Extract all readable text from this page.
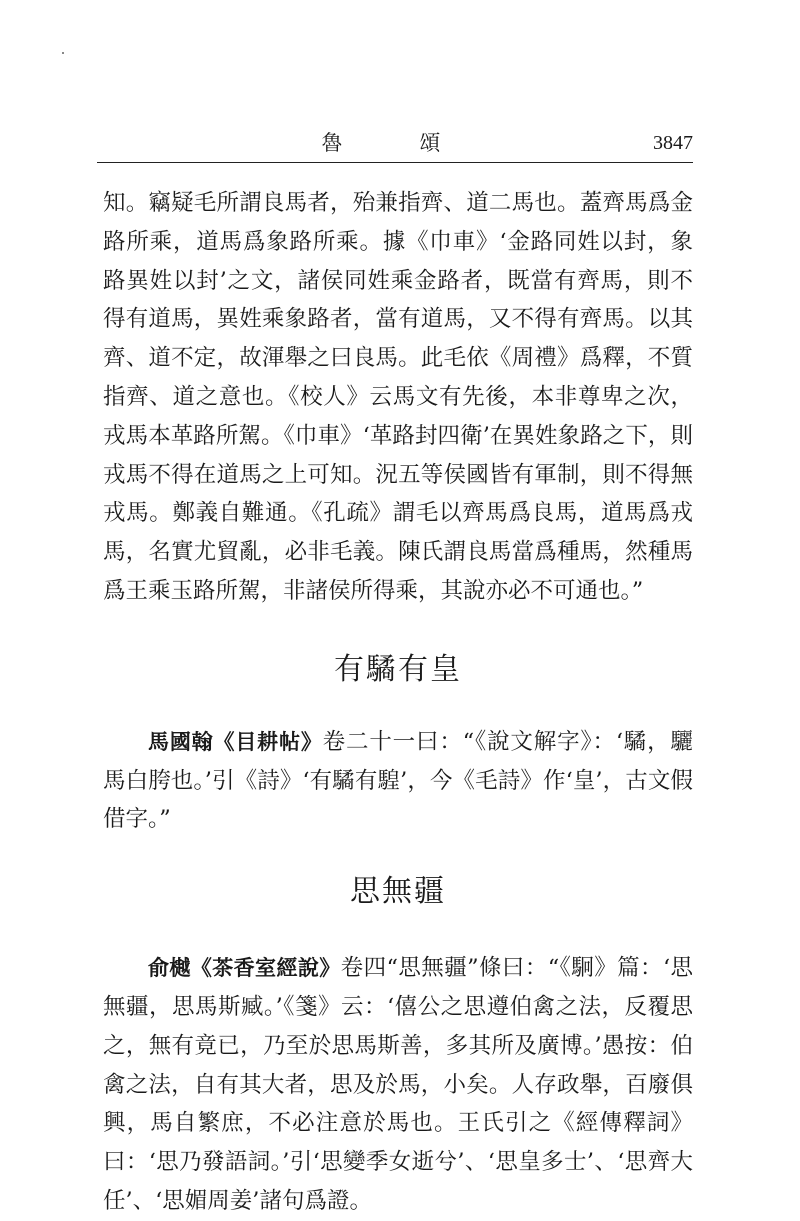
魯　頌	3847

知。竊疑毛所謂良馬者，殆兼指齊、道二馬也。蓋齊馬爲金路所乘，道馬爲象路所乘。據《巾車》‘金路同姓以封，象路異姓以封’之文，諸侯同姓乘金路者，既當有齊馬，則不得有道馬，異姓乘象路者，當有道馬，又不得有齊馬。以其齊、道不定，故渾舉之曰良馬。此毛依《周禮》爲釋，不質指齊、道之意也。《校人》云馬文有先後，本非尊卑之次，戎馬本革路所駕。《巾車》‘革路封四衛’在異姓象路之下，則戎馬不得在道馬之上可知。況五等侯國皆有軍制，則不得無戎馬。鄭義自難通。《孔疏》謂毛以齊馬爲良馬，道馬爲戎馬，名實尤貿亂，必非毛義。陳氏謂良馬當爲種馬，然種馬爲王乘玉路所駕，非諸侯所得乘，其說亦必不可通也。”

有驈有皇

馬國翰《目耕帖》卷二十一曰：“《說文解字》：‘驈，驪馬白胯也。’引《詩》‘有驈有騜’，今《毛詩》作‘皇’，古文假借字。”

思無疆

俞樾《茶香室經說》卷四“思無疆”條曰：“《駉》篇：‘思無疆，思馬斯臧。’《箋》云：‘僖公之思遵伯禽之法，反覆思之，無有竟已，乃至於思馬斯善，多其所及廣博。’愚按：伯禽之法，自有其大者，思及於馬，小矣。人存政舉，百廢俱興，馬自繁庶，不必注意於馬也。王氏引之《經傳釋詞》曰：‘思乃發語詞。’引‘思變季女逝兮’、‘思皇多士’、‘思齊大任’、‘思媚周姜’諸句爲證。
